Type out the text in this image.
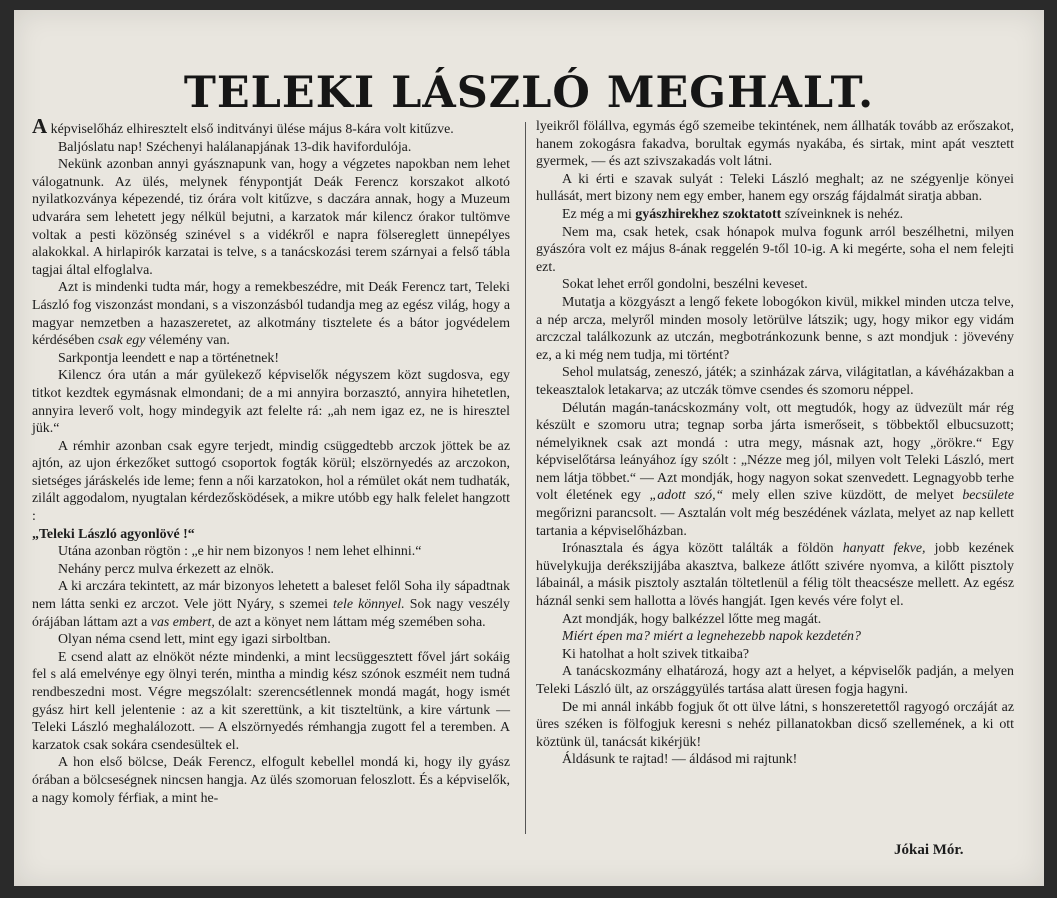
TELEKI LÁSZLÓ MEGHALT.

A képviselőház elhiresztelt első inditványi ülése május 8-kára volt kitűzve.

Baljóslatu nap! Széchenyi halálanapjának 13-dik havifordulója.

Nekünk azonban annyi gyásznapunk van, hogy a végzetes napokban nem lehet válogatnunk. Az ülés, melynek fénypontját Deák Ferencz korszakot alkotó nyilatkozványa képezendé, tiz órára volt kitűzve, s daczára annak, hogy a Muzeum udvarára sem lehetett jegy nélkül bejutni, a karzatok már kilencz órakor tultömve voltak a pesti közönség szinével s a vidékről e napra fölsereglett ünnepélyes alakokkal. A hirlapirók karzatai is telve, s a tanácskozási terem szárnyai a felső tábla tagjai által elfoglalva.

Azt is mindenki tudta már, hogy a remekbeszédre, mit Deák Ferencz tart, Teleki László fog viszonzást mondani, s a viszonzásból tudandja meg az egész világ, hogy a magyar nemzetben a hazaszeretet, az alkotmány tisztelete és a bátor jogvédelem kérdésében csak egy vélemény van.

Sarkpontja leendett e nap a történetnek!

Kilencz óra után a már gyülekező képviselők négyszem közt sugdosva, egy titkot kezdtek egymásnak elmondani; de a mi annyira borzasztó, annyira hihetetlen, annyira leverő volt, hogy mindegyik azt felelte rá: „ah nem igaz ez, ne is hiresztel jük.“

A rémhir azonban csak egyre terjedt, mindig csüggedtebb arczok jöttek be az ajtón, az ujon érkezőket suttogó csoportok fogták körül; elszörnyedés az arczokon, sietséges járáskelés ide leme; fenn a női karzatokon, hol a rémület okát nem tudhaták, zilált aggodalom, nyugtalan kérdezősködések, a mikre utóbb egy halk felelet hangzott :

„Teleki László agyonlövé !“

Utána azonban rögtön : „e hir nem bizonyos ! nem lehet elhinni.“

Nehány percz mulva érkezett az elnök.

A ki arczára tekintett, az már bizonyos lehetett a baleset felől Soha ily sápadtnak nem látta senki ez arczot. Vele jött Nyáry, s szemei tele könnyel. Sok nagy veszély órájában láttam azt a vas embert, de azt a könyet nem láttam még szemében soha.

Olyan néma csend lett, mint egy igazi sirboltban.

E csend alatt az elnököt nézte mindenki, a mint lecsüggesztett fővel járt sokáig fel s alá emelvénye egy ölnyi terén, mintha a mindig kész szónok eszméit nem tudná rendbeszedni most. Végre megszólalt: szerencsétlennek mondá magát, hogy ismét gyász hirt kell jelentenie : az a kit szerettünk, a kit tiszteltünk, a kire vártunk — Teleki László meghalálozott. — A elszörnyedés rémhangja zugott fel a teremben. A karzatok csak sokára csendesültek el.

A hon első bölcse, Deák Ferencz, elfogult kebellel mondá ki, hogy ily gyász órában a bölcseségnek nincsen hangja. Az ülés szomoruan feloszlott. És a képviselők, a nagy komoly férfiak, a mint he-

lyeikről fölállva, egymás égő szemeibe tekintének, nem állhaták tovább az erőszakot, hanem zokogásra fakadva, borultak egymás nyakába, és sirtak, mint apát vesztett gyermek, — és azt szivszakadás volt látni.

A ki érti e szavak sulyát : Teleki László meghalt; az ne szégyenlje könyei hullását, mert bizony nem egy ember, hanem egy ország fájdalmát siratja abban.

Ez még a mi gyászhirekhez szoktatott szíveinknek is nehéz.

Nem ma, csak hetek, csak hónapok mulva fogunk arról beszélhetni, milyen gyászóra volt ez május 8-ának reggelén 9-től 10-ig. A ki megérte, soha el nem felejti ezt.

Sokat lehet erről gondolni, beszélni keveset.

Mutatja a közgyászt a lengő fekete lobogókon kivül, mikkel minden utcza telve, a nép arcza, melyről minden mosoly letörülve látszik; ugy, hogy mikor egy vidám arczczal találkozunk az utczán, megbotránkozunk benne, s azt mondjuk : jövevény ez, a ki még nem tudja, mi történt?

Sehol mulatság, zeneszó, játék; a szinházak zárva, világitatlan, a kávéházakban a tekeasztalok letakarva; az utczák tömve csendes és szomoru néppel.

Délután magán-tanácskozmány volt, ott megtudók, hogy az üdvezült már rég készült e szomoru utra; tegnap sorba járta ismerőseit, s többektől elbucsuzott; némelyiknek csak azt mondá : utra megy, másnak azt, hogy „örökre.“ Egy képviselőtársa leányához így szólt : „Nézze meg jól, milyen volt Teleki László, mert nem látja többet.“ — Azt mondják, hogy nagyon sokat szenvedett. Legnagyobb terhe volt életének egy „adott szó,“ mely ellen szive küzdött, de melyet becsülete megőrizni parancsolt. — Asztalán volt még beszédének vázlata, melyet az nap kellett tartania a képviselőházban.

Irónasztala és ágya között találták a földön hanyatt fekve, jobb kezének hüvelykujja derékszijjába akasztva, balkeze átlőtt szivére nyomva, a kilőtt pisztoly lábainál, a másik pisztoly asztalán töltetlenül a félig tölt theacsésze mellett. Az egész háznál senki sem hallotta a lövés hangját. Igen kevés vére folyt el.

Azt mondják, hogy balkézzel lőtte meg magát.

Miért épen ma? miért a legnehezebb napok kezdetén?

Ki hatolhat a holt szivek titkaiba?

A tanácskozmány elhatározá, hogy azt a helyet, a képviselők padján, a melyen Teleki László ült, az országgyülés tartása alatt üresen fogja hagyni.

De mi annál inkább fogjuk őt ott ülve látni, s honszeretettől ragyogó orczáját az üres széken is fölfogjuk keresni s nehéz pillanatokban dicső szellemének, a ki ott köztünk ül, tanácsát kikérjük!

Áldásunk te rajtad! — áldásod mi rajtunk!

Jókai Mór.
